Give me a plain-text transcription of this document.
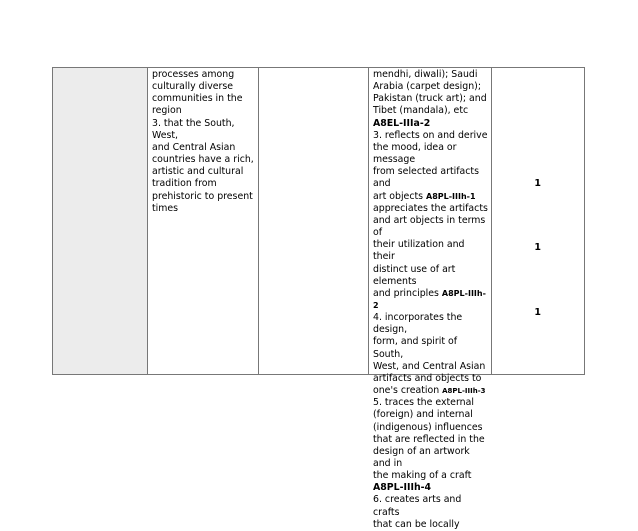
processes among
culturally diverse
communities in the
region
3. that the South, West,
and Central Asian
countries have a rich,
artistic and cultural
tradition from
prehistoric to present
times
mendhi, diwali); Saudi
Arabia (carpet design);
Pakistan (truck art); and
Tibet (mandala), etc
A8EL-IIIa-2
3. reflects on and derive
the mood, idea or message
from selected artifacts and
art objects A8PL-IIIh-1
appreciates the artifacts
and art objects in terms of
their utilization and their
distinct use of art elements
and principles A8PL-IIIh-2
4. incorporates the design,
form, and spirit of South,
West, and Central Asian
artifacts and objects to
one's creation A8PL-IIIh-3
5. traces the external
(foreign) and internal
(indigenous) influences
that are reflected in the
design of an artwork and in
the making of a craft
A8PL-IIIh-4
6. creates arts and crafts
that can be locally
1
1
1
